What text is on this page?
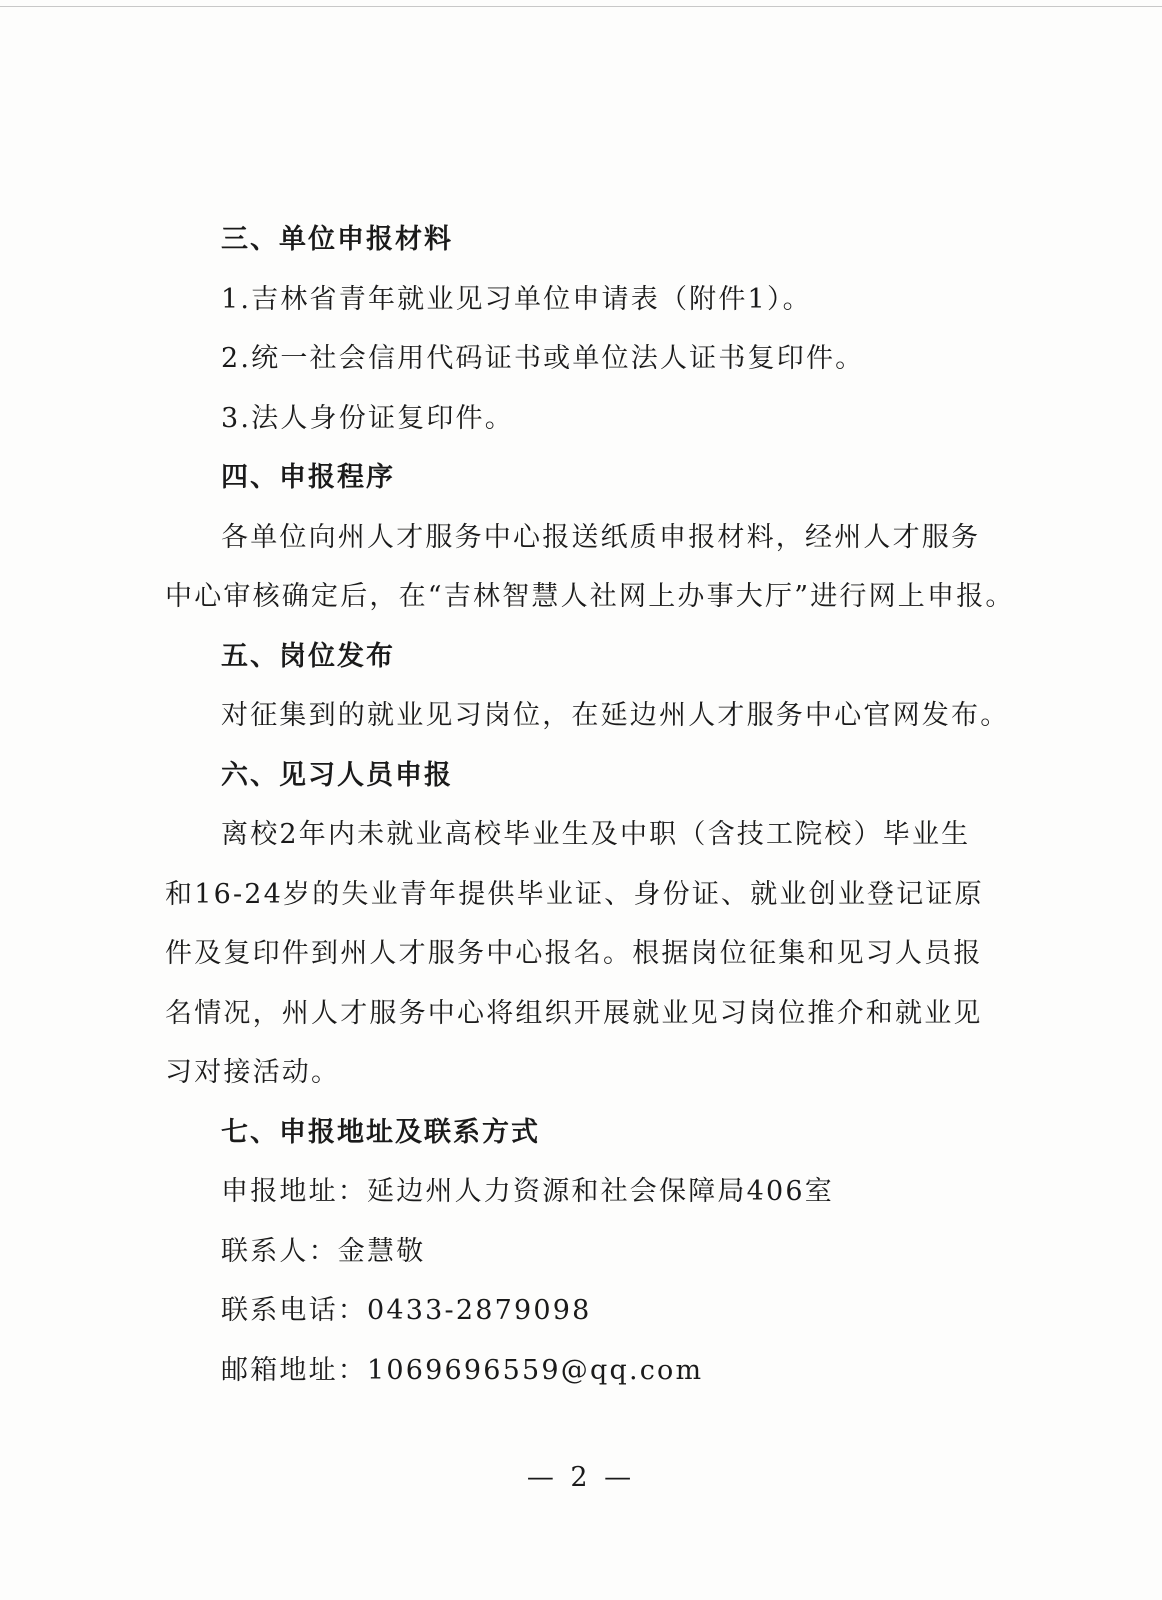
三、单位申报材料
1.吉林省青年就业见习单位申请表（附件1）。
2.统一社会信用代码证书或单位法人证书复印件。
3.法人身份证复印件。
四、申报程序
各单位向州人才服务中心报送纸质申报材料，经州人才服务
中心审核确定后，在“吉林智慧人社网上办事大厅”进行网上申报。
五、岗位发布
对征集到的就业见习岗位，在延边州人才服务中心官网发布。
六、见习人员申报
离校2年内未就业高校毕业生及中职（含技工院校）毕业生
和16-24岁的失业青年提供毕业证、身份证、就业创业登记证原
件及复印件到州人才服务中心报名。根据岗位征集和见习人员报
名情况，州人才服务中心将组织开展就业见习岗位推介和就业见
习对接活动。
七、申报地址及联系方式
申报地址：延边州人力资源和社会保障局406室
联系人：金慧敬
联系电话：0433-2879098
邮箱地址：1069696559@qq.com
— 2 —
